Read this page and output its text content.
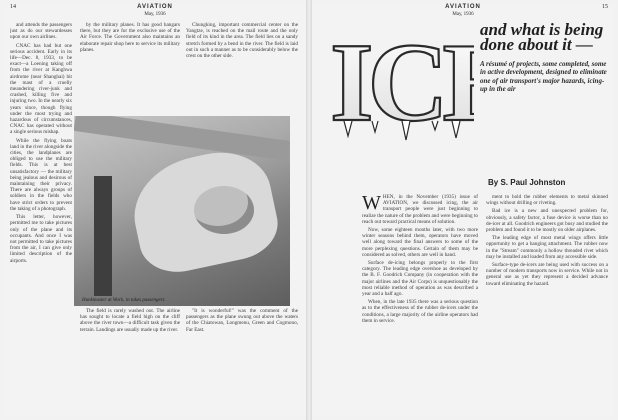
14	AVIATION
May, 1936

and attends the passengers just as do our stewardesses upon our own airlines.

CNAC has had but one serious accident. Early in its life—Dec. 8, 1933, to be exact—a Loening taking off from the river at Kanghwa airdrome (near Shanghai) hit the mast of a cruelly meandering river-junk and crashed, killing five and injuring two. In the nearly six years since, though flying under the most trying and hazardous of circumstances, CNAC has operated without a single serious mishap.

While the flying boats land in the river alongside the cities, the landplanes are obliged to use the military fields. This is at best unsatisfactory — the military being jealous and desirous of maintaining their privacy. There are always groups of soldiers in the fields who have strict orders to prevent the taking of a photograph.

This letter, however, permitted me to take pictures only of the plane and its occupants. And once I was not permitted to take pictures from the air, I can give only limited description of the airports.

by the military planes. It has good hangars there, but they are for the exclusive use of the Air Force. The Government also maintains an elaborate repair shop here to service its military planes.

Chungking, important commercial center on the Yangtze, is reached on the mail route and the only field of its kind in the area. The field lies on a sandy stretch formed by a bend in the river. The field is laid out in such a manner as to be considerably below the crest on the other side.

Hunkmaster at Work, in takes passengers

The field is rarely washed out. The airline has sought to locate a field high on the cliff above the river town—a difficult task given the terrain. Landings are usually made up the river.

"It is wonderful!" was the comment of the passengers as the plane swung out above the waters of the Chiatowan, Longmenu, Green and Cogmono, Far East.

15
AVIATION
May, 1936
IC	and what is being done about it —
A résumé of projects, some completed, some in active development, designed to eliminate one of air transport's major hazards, icing-up in the air
By S. Paul Johnston
W HEN, in the November (1935) issue of AVIATION, we discussed icing, the air transport people were just beginning to realize the nature of the problem and were beginning to reach out toward practical means of solution.

Now, some eighteen months later, with two more winter seasons behind them, operators have moved well along toward the final answers to some of the more perplexing questions. Certain of them may be considered as solved, others are well in hand.

Surface de-icing belongs properly to the first category. The leading edge overshoe as developed by the B. F. Goodrich Company (in cooperation with the major airlines and the Air Corps) is unquestionably the most reliable method of operation as was described a year and a half ago.

When, in the late 1935 there was a serious question as to the effectiveness of the rubber de-icers under the conditions, a large majority of the airline operators had them in service.

ment to hold the rubber elements to metal skinned wings without drilling or riveting.

Bad ice is a new and unexpected problem for, obviously, a safety factor, a fuse device is worse than no de-icer at all. Goodrich engineers got busy and studied the problem and found it to be mostly on older airplanes.

The leading edge of most metal wings offers little opportunity to get a hanging attachment. The rubber now in the "Stream" commonly a hollow threaded rivet which may be installed and loaded from any accessible side.

Surface-type de-icers are being used with success on a number of modern transports now in service. While not in general use as yet they represent a decided advance toward eliminating the hazard.
